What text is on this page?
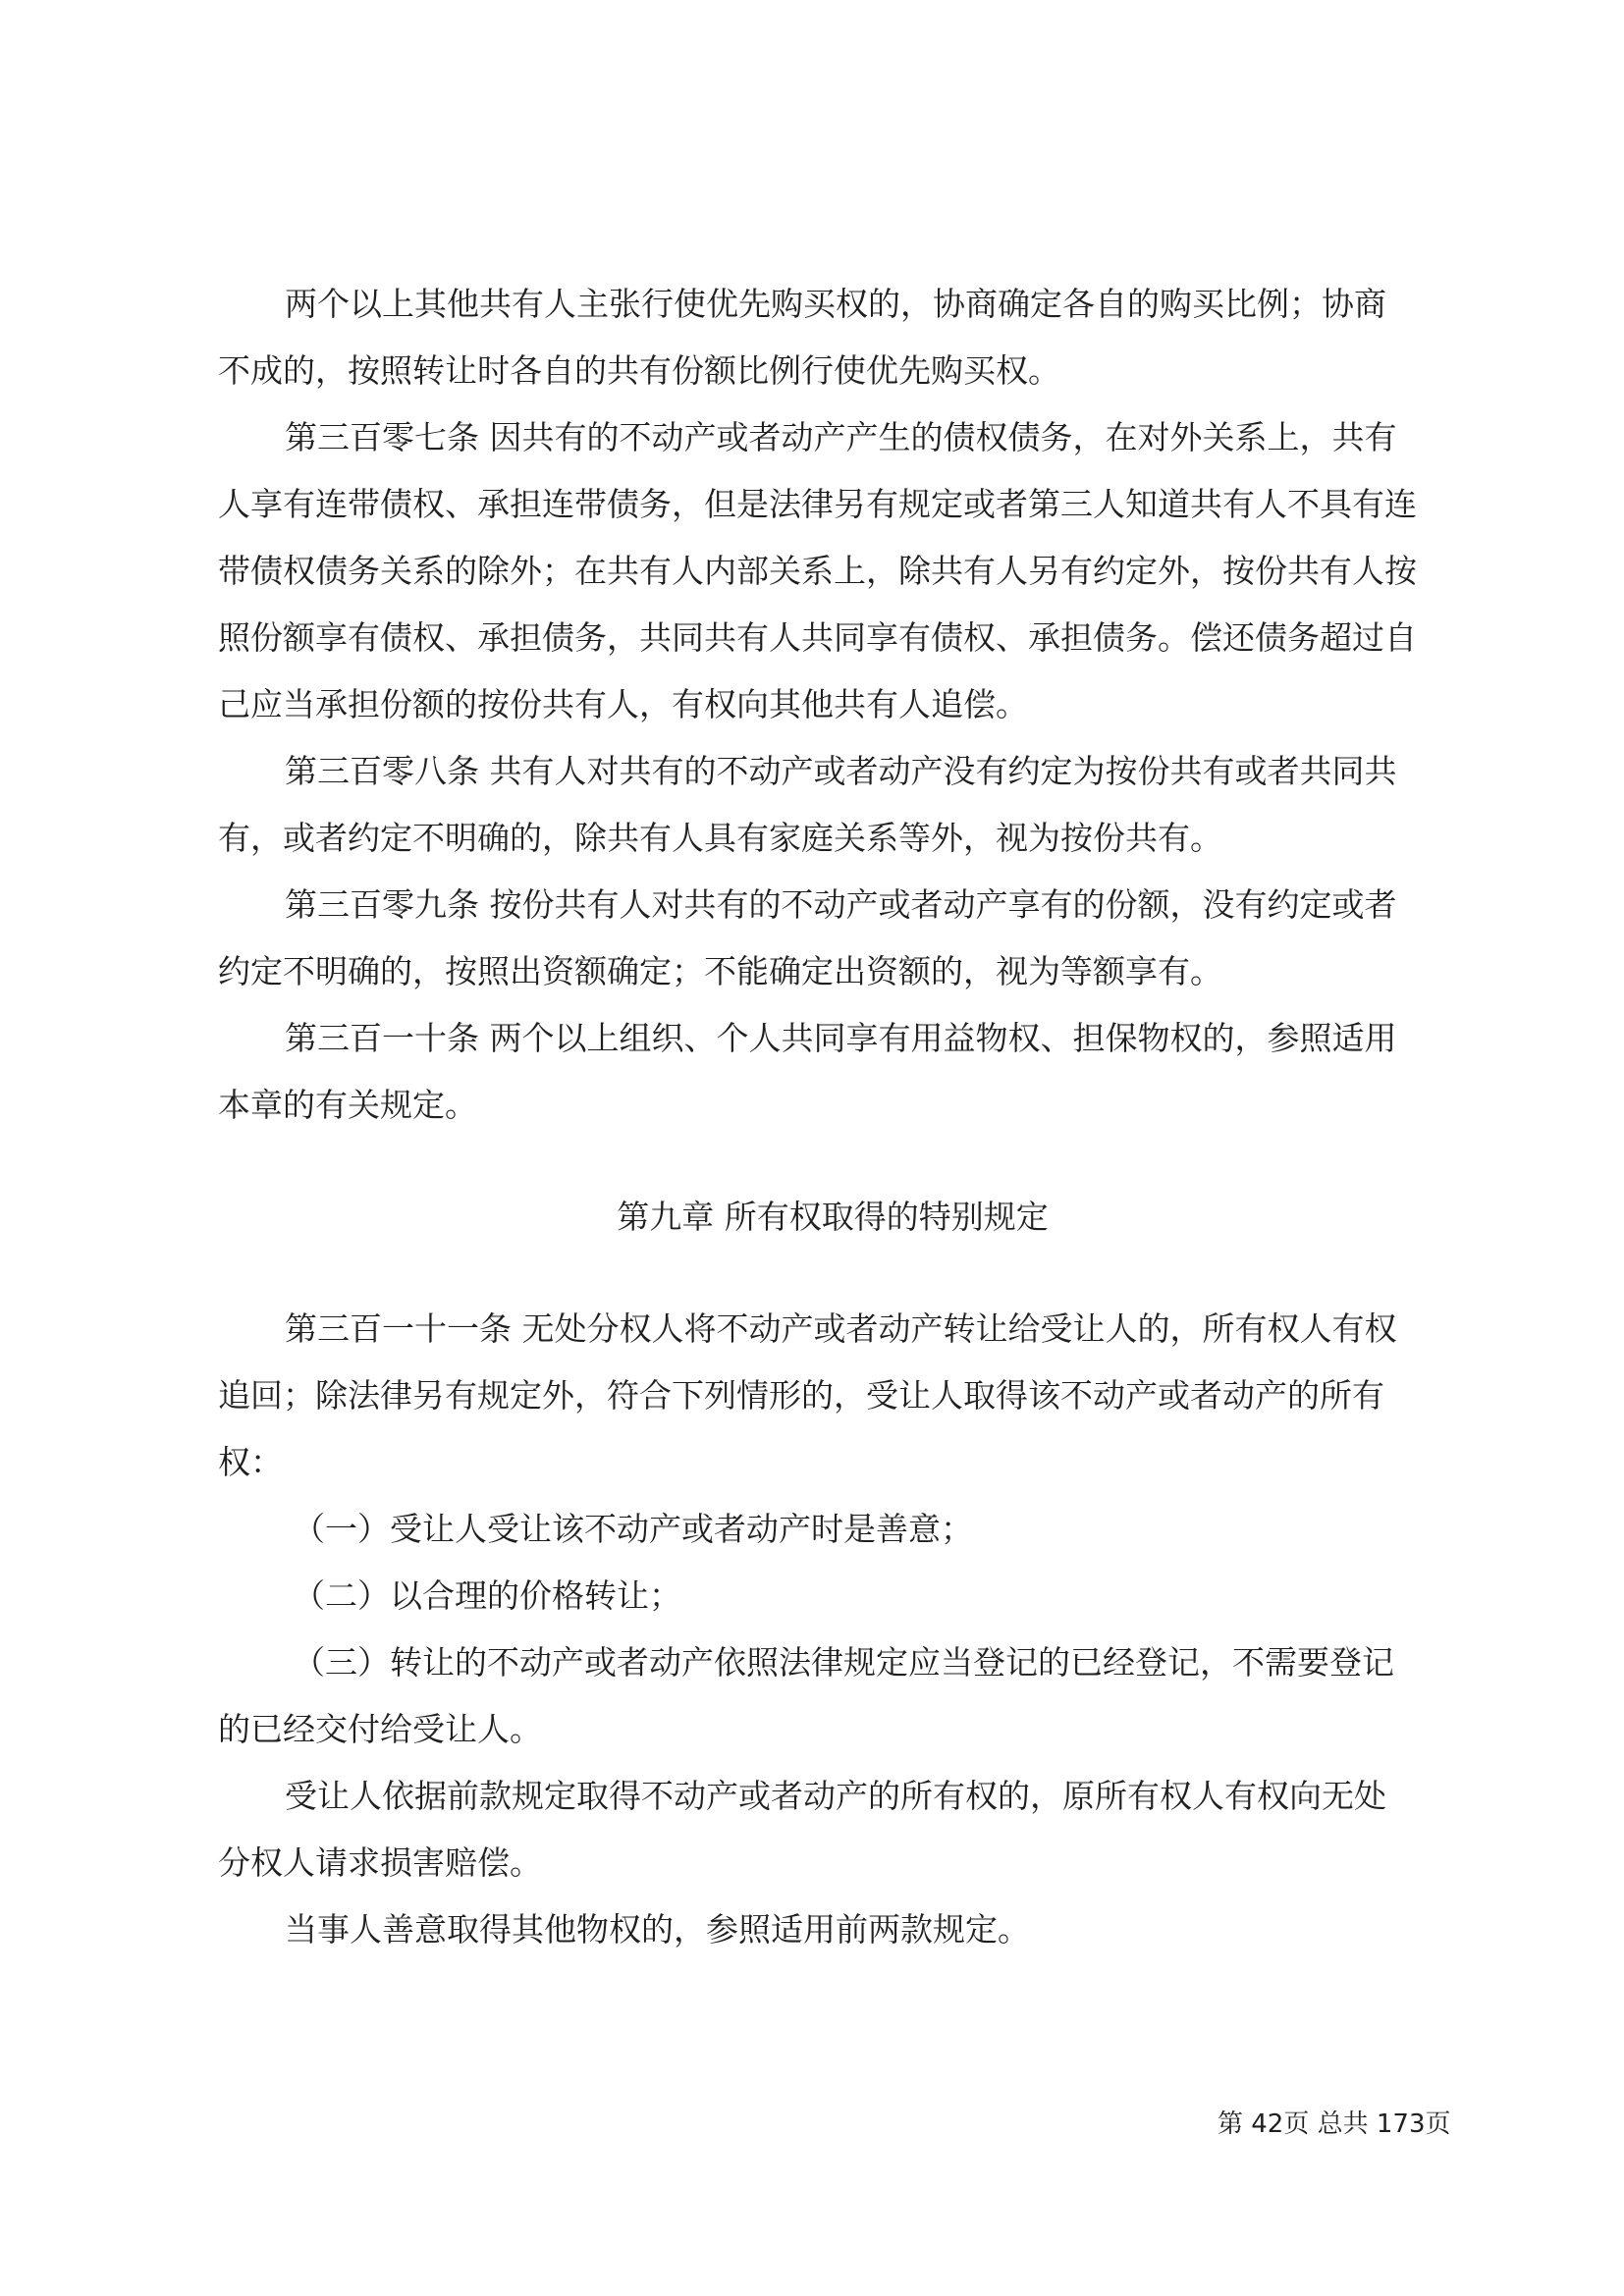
两个以上其他共有人主张行使优先购买权的，协商确定各自的购买比例；协商不成的，按照转让时各自的共有份额比例行使优先购买权。

第三百零七条 因共有的不动产或者动产产生的债权债务，在对外关系上，共有人享有连带债权、承担连带债务，但是法律另有规定或者第三人知道共有人不具有连带债权债务关系的除外；在共有人内部关系上，除共有人另有约定外，按份共有人按照份额享有债权、承担债务，共同共有人共同享有债权、承担债务。偿还债务超过自己应当承担份额的按份共有人，有权向其他共有人追偿。

第三百零八条 共有人对共有的不动产或者动产没有约定为按份共有或者共同共有，或者约定不明确的，除共有人具有家庭关系等外，视为按份共有。

第三百零九条 按份共有人对共有的不动产或者动产享有的份额，没有约定或者约定不明确的，按照出资额确定；不能确定出资额的，视为等额享有。

第三百一十条 两个以上组织、个人共同享有用益物权、担保物权的，参照适用本章的有关规定。

第九章 所有权取得的特别规定

第三百一十一条 无处分权人将不动产或者动产转让给受让人的，所有权人有权追回；除法律另有规定外，符合下列情形的，受让人取得该不动产或者动产的所有权：

（一）受让人受让该不动产或者动产时是善意；

（二）以合理的价格转让；

（三）转让的不动产或者动产依照法律规定应当登记的已经登记，不需要登记的已经交付给受让人。

受让人依据前款规定取得不动产或者动产的所有权的，原所有权人有权向无处分权人请求损害赔偿。

当事人善意取得其他物权的，参照适用前两款规定。

第 42页 总共 173页
